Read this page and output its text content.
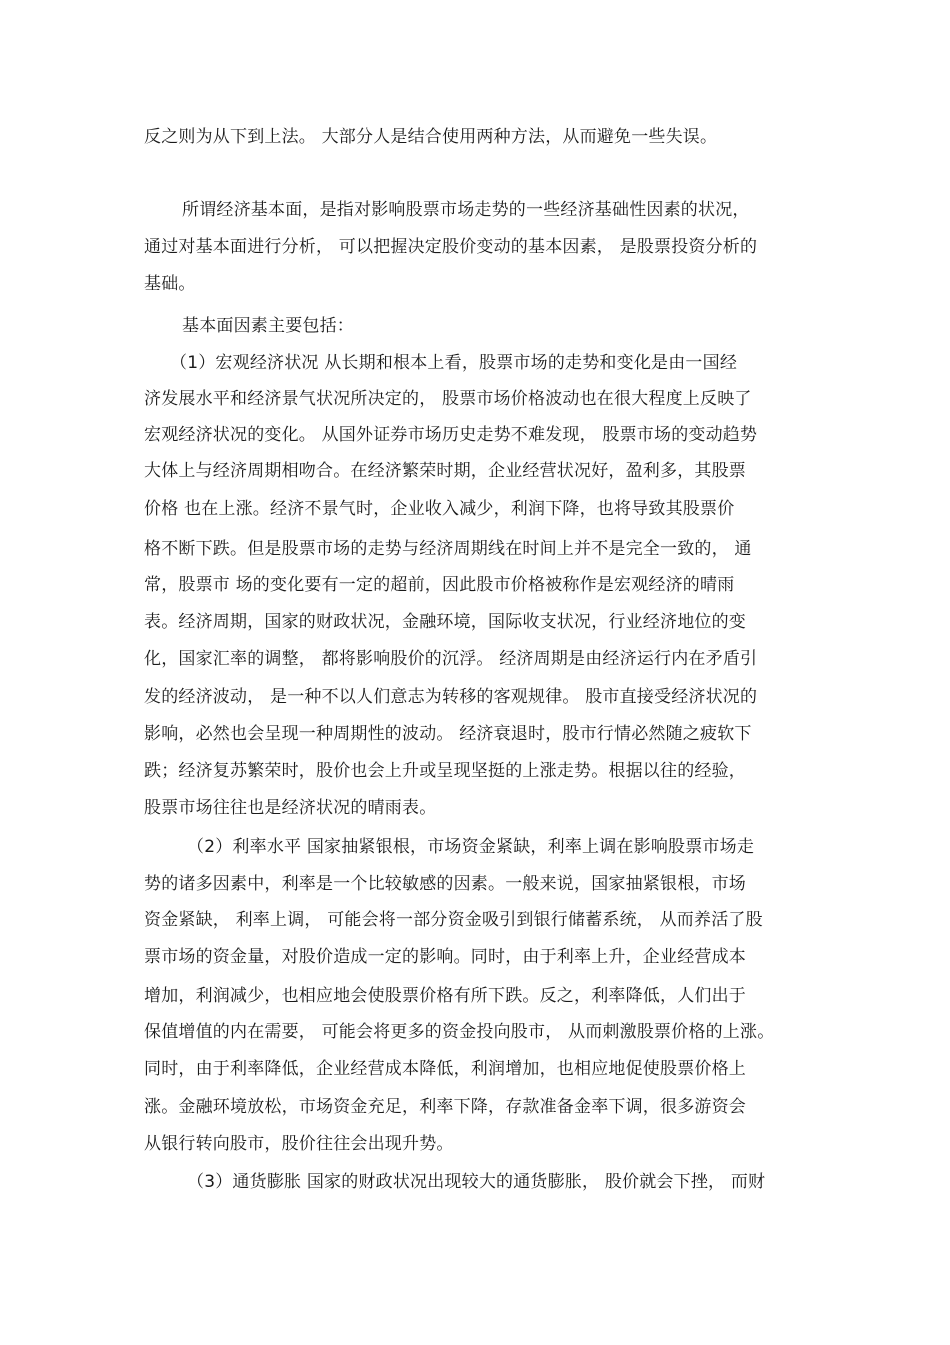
反之则为从下到上法。 大部分人是结合使用两种方法，从而避免一些失误。
所谓经济基本面，是指对影响股票市场走势的一些经济基础性因素的状况，
通过对基本面进行分析， 可以把握决定股价变动的基本因素， 是股票投资分析的
基础。
基本面因素主要包括：
（1）宏观经济状况 从长期和根本上看，股票市场的走势和变化是由一国经
济发展水平和经济景气状况所决定的， 股票市场价格波动也在很大程度上反映了
宏观经济状况的变化。 从国外证券市场历史走势不难发现， 股票市场的变动趋势
大体上与经济周期相吻合。在经济繁荣时期，企业经营状况好，盈利多，其股票
价格 也在上涨。经济不景气时，企业收入减少，利润下降，也将导致其股票价
格不断下跌。但是股票市场的走势与经济周期线在时间上并不是完全一致的， 通
常，股票市 场的变化要有一定的超前，因此股市价格被称作是宏观经济的晴雨
表。经济周期，国家的财政状况，金融环境，国际收支状况，行业经济地位的变
化，国家汇率的调整， 都将影响股价的沉浮。 经济周期是由经济运行内在矛盾引
发的经济波动， 是一种不以人们意志为转移的客观规律。 股市直接受经济状况的
影响，必然也会呈现一种周期性的波动。 经济衰退时，股市行情必然随之疲软下
跌；经济复苏繁荣时，股价也会上升或呈现坚挺的上涨走势。根据以往的经验，
股票市场往往也是经济状况的晴雨表。
（2）利率水平 国家抽紧银根，市场资金紧缺，利率上调在影响股票市场走
势的诸多因素中，利率是一个比较敏感的因素。一般来说，国家抽紧银根，市场
资金紧缺， 利率上调， 可能会将一部分资金吸引到银行储蓄系统， 从而养活了股
票市场的资金量，对股价造成一定的影响。同时，由于利率上升，企业经营成本
增加，利润减少，也相应地会使股票价格有所下跌。反之，利率降低，人们出于
保值增值的内在需要， 可能会将更多的资金投向股市， 从而刺激股票价格的上涨。
同时，由于利率降低，企业经营成本降低，利润增加，也相应地促使股票价格上
涨。金融环境放松，市场资金充足，利率下降，存款准备金率下调，很多游资会
从银行转向股市，股价往往会出现升势。
（3）通货膨胀 国家的财政状况出现较大的通货膨胀， 股价就会下挫， 而财
